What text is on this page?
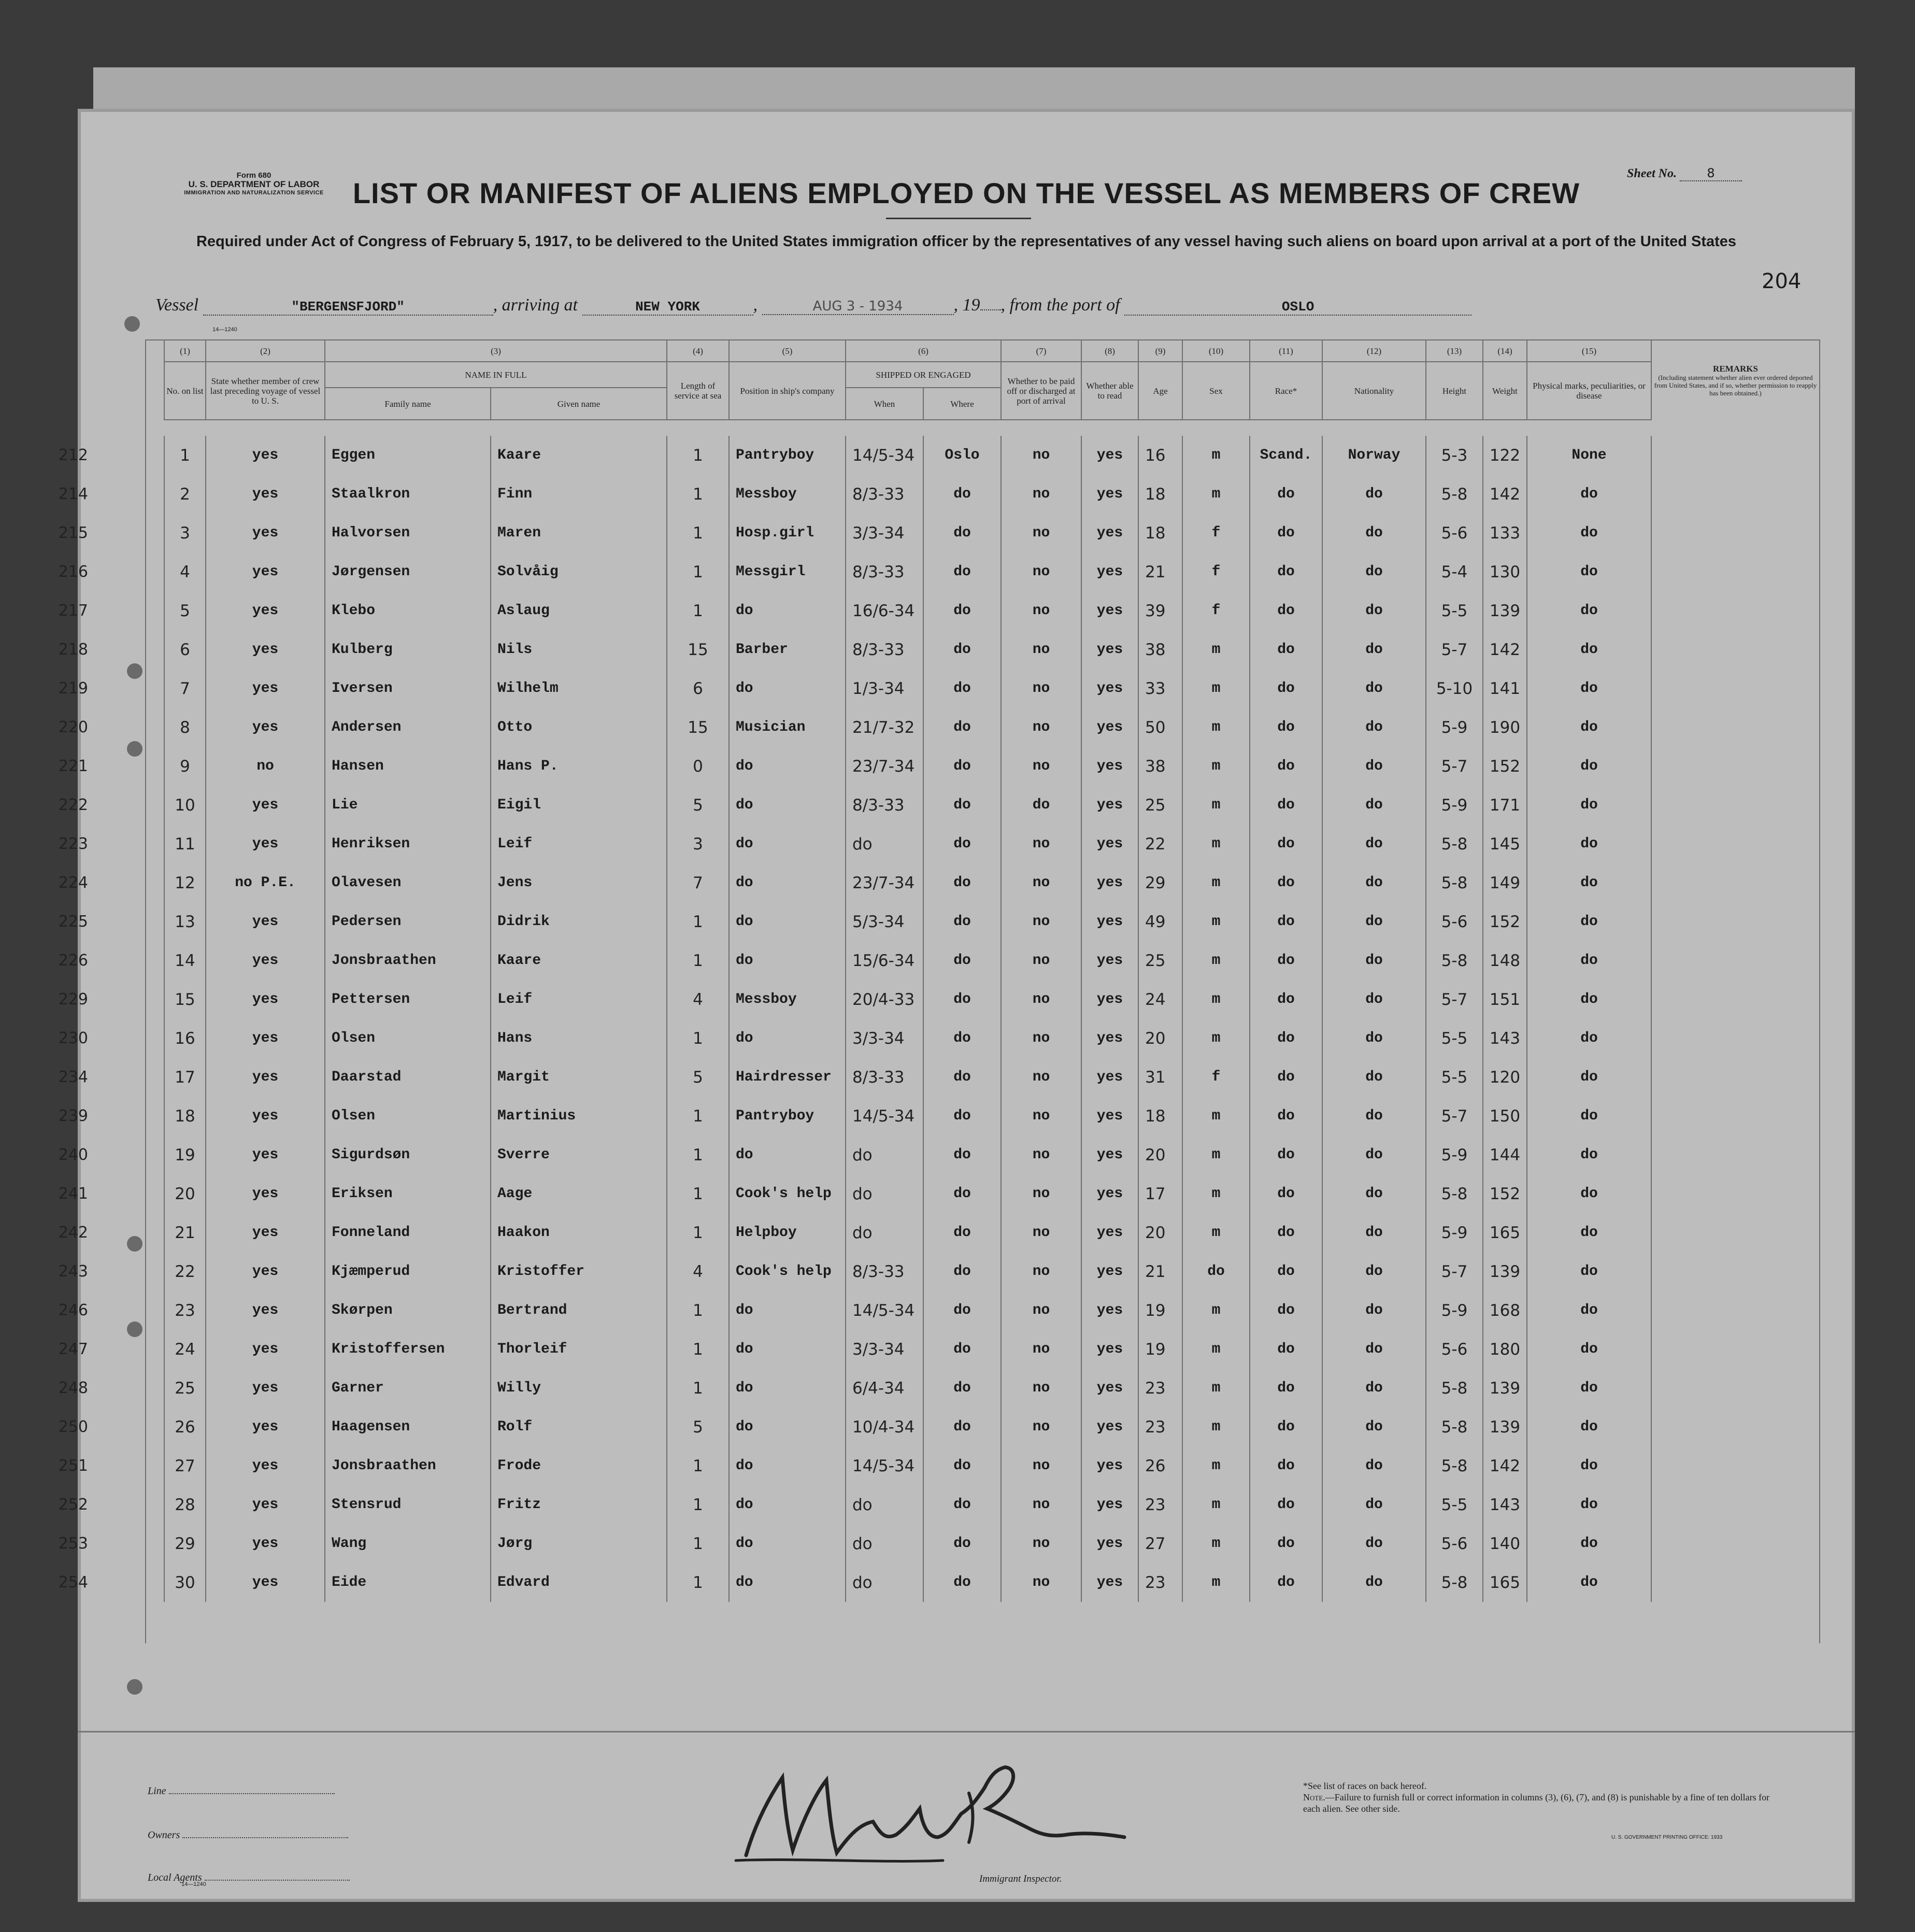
Form 680
U. S. DEPARTMENT OF LABOR
IMMIGRATION AND NATURALIZATION SERVICE
Sheet No. 8
LIST OR MANIFEST OF ALIENS EMPLOYED ON THE VESSEL AS MEMBERS OF CREW
Required under Act of Congress of February 5, 1917, to be delivered to the United States immigration officer by the representatives of any vessel having such aliens on board upon arrival at a port of the United States
204
Vessel	"BERGENSFJORD"	, arriving at	NEW YORK	,	AUG 3 - 1934	, 19 , from the port of	OSLO
14—1240
	(1)	(2)	(3)		(4)	(5)	(6)		(7)	(8)	(9)	(10)	(11)	(12)	(13)	(14)	(15)	REMARKS
(Including statement whether alien ever ordered deported from United States, and if so, whether permission to reapply has been obtained.)

	No. on list	State whether member of crew last preceding voyage of vessel to U. S.	NAME IN FULL		Length of service at sea	Position in ship's company	SHIPPED OR ENGAGED		Whether to be paid off or discharged at port of arrival	Whether able to read	Age	Sex	Race*	Nationality	Height	Weight	Physical marks, peculiarities, or disease	
			Family name	Given name			When	Where										

	1	yes	Eggen	Kaare	1	Pantryboy	14/5-34	Oslo	no	yes	16	m	Scand.	Norway	5-3	122	None	
	2	yes	Staalkron	Finn	1	Messboy	8/3-33	do	no	yes	18	m	do	do	5-8	142	do	
	3	yes	Halvorsen	Maren	1	Hosp.girl	3/3-34	do	no	yes	18	f	do	do	5-6	133	do	
	4	yes	Jørgensen	Solvåig	1	Messgirl	8/3-33	do	no	yes	21	f	do	do	5-4	130	do	
	5	yes	Klebo	Aslaug	1	do	16/6-34	do	no	yes	39	f	do	do	5-5	139	do	
	6	yes	Kulberg	Nils	15	Barber	8/3-33	do	no	yes	38	m	do	do	5-7	142	do	
	7	yes	Iversen	Wilhelm	6	do	1/3-34	do	no	yes	33	m	do	do	5-10	141	do	
	8	yes	Andersen	Otto	15	Musician	21/7-32	do	no	yes	50	m	do	do	5-9	190	do	
	9	no	Hansen	Hans P.	0	do	23/7-34	do	no	yes	38	m	do	do	5-7	152	do	
	10	yes	Lie	Eigil	5	do	8/3-33	do	do	yes	25	m	do	do	5-9	171	do	
	11	yes	Henriksen	Leif	3	do	do	do	no	yes	22	m	do	do	5-8	145	do	
	12	no P.E.	Olavesen	Jens	7	do	23/7-34	do	no	yes	29	m	do	do	5-8	149	do	
	13	yes	Pedersen	Didrik	1	do	5/3-34	do	no	yes	49	m	do	do	5-6	152	do	
	14	yes	Jonsbraathen	Kaare	1	do	15/6-34	do	no	yes	25	m	do	do	5-8	148	do	
	15	yes	Pettersen	Leif	4	Messboy	20/4-33	do	no	yes	24	m	do	do	5-7	151	do	
	16	yes	Olsen	Hans	1	do	3/3-34	do	no	yes	20	m	do	do	5-5	143	do	
	17	yes	Daarstad	Margit	5	Hairdresser	8/3-33	do	no	yes	31	f	do	do	5-5	120	do	
	18	yes	Olsen	Martinius	1	Pantryboy	14/5-34	do	no	yes	18	m	do	do	5-7	150	do	
	19	yes	Sigurdsøn	Sverre	1	do	do	do	no	yes	20	m	do	do	5-9	144	do	
	20	yes	Eriksen	Aage	1	Cook's help	do	do	no	yes	17	m	do	do	5-8	152	do	
	21	yes	Fonneland	Haakon	1	Helpboy	do	do	no	yes	20	m	do	do	5-9	165	do	
	22	yes	Kjæmperud	Kristoffer	4	Cook's help	8/3-33	do	no	yes	21	do	do	do	5-7	139	do	
	23	yes	Skørpen	Bertrand	1	do	14/5-34	do	no	yes	19	m	do	do	5-9	168	do	
	24	yes	Kristoffersen	Thorleif	1	do	3/3-34	do	no	yes	19	m	do	do	5-6	180	do	
	25	yes	Garner	Willy	1	do	6/4-34	do	no	yes	23	m	do	do	5-8	139	do	
	26	yes	Haagensen	Rolf	5	do	10/4-34	do	no	yes	23	m	do	do	5-8	139	do	
	27	yes	Jonsbraathen	Frode	1	do	14/5-34	do	no	yes	26	m	do	do	5-8	142	do	
	28	yes	Stensrud	Fritz	1	do	do	do	no	yes	23	m	do	do	5-5	143	do	
	29	yes	Wang	Jørg	1	do	do	do	no	yes	27	m	do	do	5-6	140	do	
	30	yes	Eide	Edvard	1	do	do	do	no	yes	23	m	do	do	5-8	165	do	

Line
Owners
Local Agents
14—1240	Immigrant Inspector.
*See list of races on back hereof.
Note.—Failure to furnish full or correct information in columns (3), (6), (7), and (8) is punishable by a fine of ten dollars for each alien. See other side.
U. S. GOVERNMENT PRINTING OFFICE: 1933
212
214
215
216
217
218
219
220
221
222
223
224
225
226
229
230
234
239
240
241
242
243
246
247
248
250
251
252
253
254
